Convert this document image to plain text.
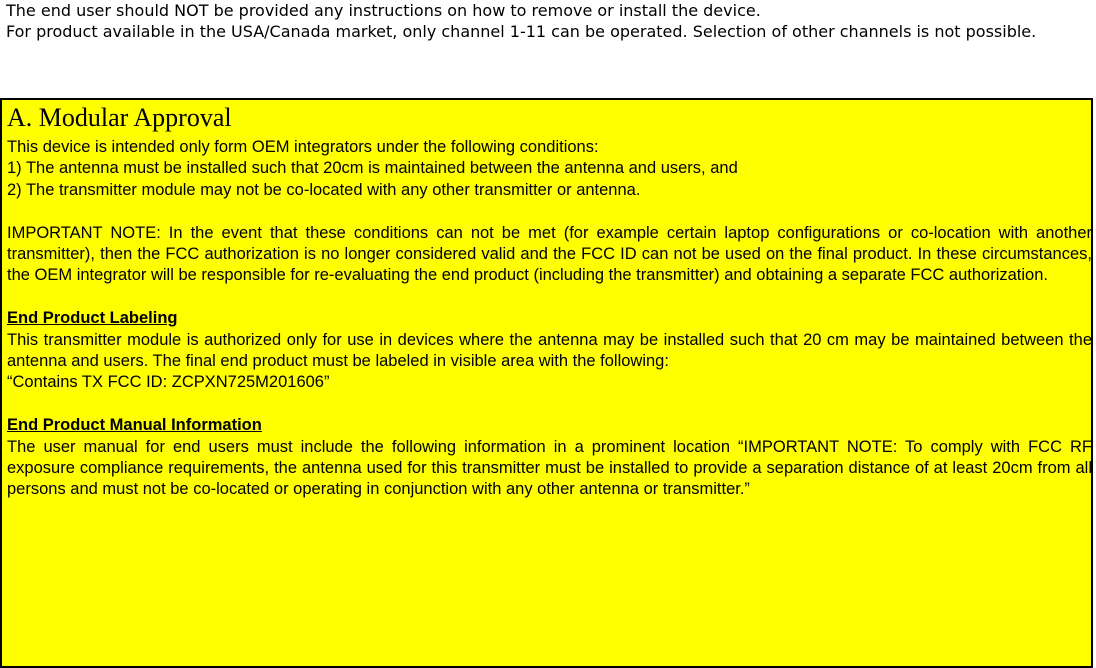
The end user should NOT be provided any instructions on how to remove or install the device.

For product available in the USA/Canada market, only channel 1-11 can be operated. Selection of other channels is not possible.

A. Modular Approval

This device is intended only form OEM integrators under the following conditions:

1) The antenna must be installed such that 20cm is maintained between the antenna and users, and

2) The transmitter module may not be co-located with any other transmitter or antenna.

IMPORTANT NOTE: In the event that these conditions can not be met (for example certain laptop configurations or co-location with another transmitter), then the FCC authorization is no longer considered valid and the FCC ID can not be used on the final product. In these circumstances, the OEM integrator will be responsible for re-evaluating the end product (including the transmitter) and obtaining a separate FCC authorization.

End Product Labeling

This transmitter module is authorized only for use in devices where the antenna may be installed such that 20 cm may be maintained between the antenna and users. The final end product must be labeled in visible area with the following:

“Contains TX FCC ID: ZCPXN725M201606”

End Product Manual Information

The user manual for end users must include the following information in a prominent location “IMPORTANT NOTE: To comply with FCC RF exposure compliance requirements, the antenna used for this transmitter must be installed to provide a separation distance of at least 20cm from all persons and must not be co-located or operating in conjunction with any other antenna or transmitter.”
